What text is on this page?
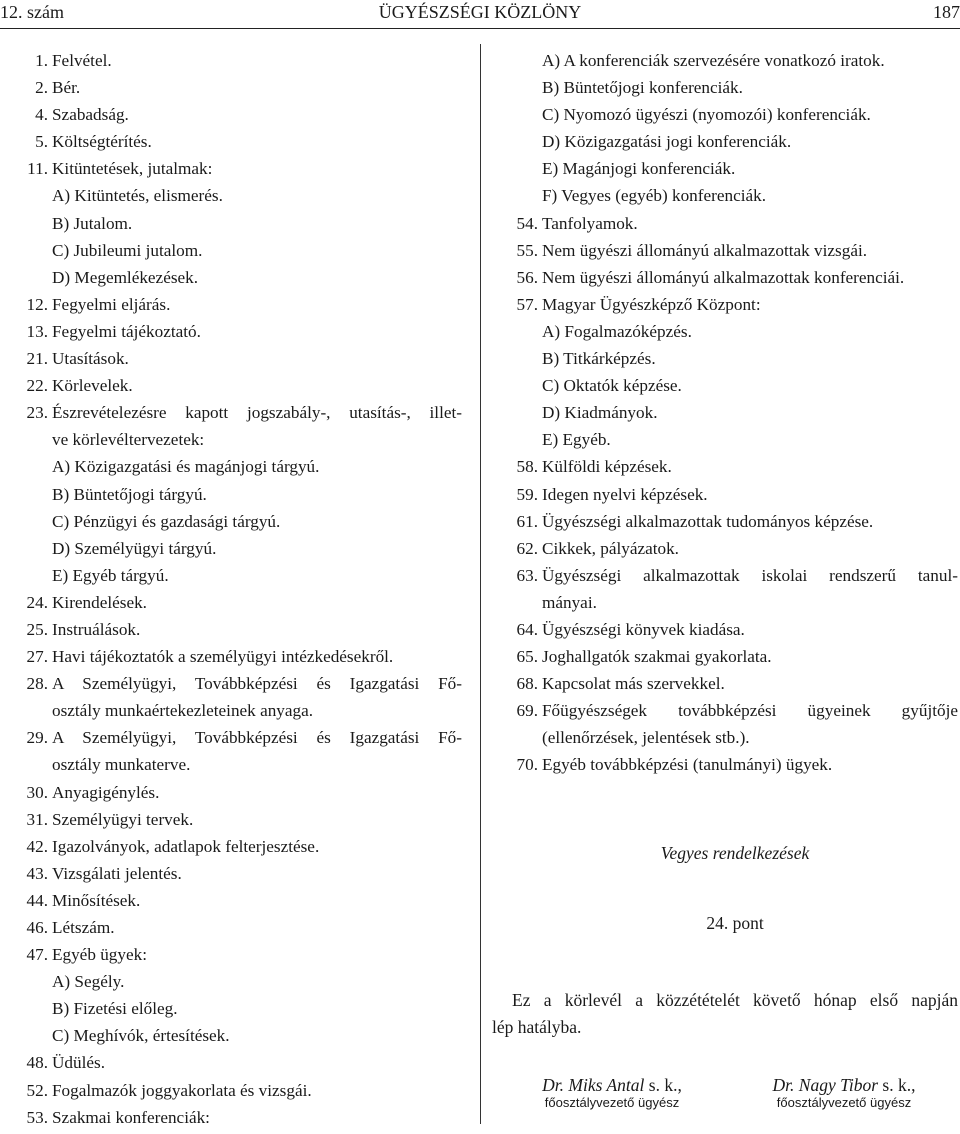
12. szám	ÜGYÉSZSÉGI KÖZLÖNY	187
1. Felvétel.
2. Bér.
4. Szabadság.
5. Költségtérítés.
11. Kitüntetések, jutalmak:
A) Kitüntetés, elismerés.
B) Jutalom.
C) Jubileumi jutalom.
D) Megemlékezések.
12. Fegyelmi eljárás.
13. Fegyelmi tájékoztató.
21. Utasítások.
22. Körlevelek.
23. Észrevételezésre kapott jogszabály-, utasítás-, illet-
ve körlevéltervezetek:
A) Közigazgatási és magánjogi tárgyú.
B) Büntetőjogi tárgyú.
C) Pénzügyi és gazdasági tárgyú.
D) Személyügyi tárgyú.
E) Egyéb tárgyú.
24. Kirendelések.
25. Instruálások.
27. Havi tájékoztatók a személyügyi intézkedésekről.
28. A Személyügyi, Továbbképzési és Igazgatási Fő-
osztály munkaértekezleteinek anyaga.
29. A Személyügyi, Továbbképzési és Igazgatási Fő-
osztály munkaterve.
30. Anyagigénylés.
31. Személyügyi tervek.
42. Igazolványok, adatlapok felterjesztése.
43. Vizsgálati jelentés.
44. Minősítések.
46. Létszám.
47. Egyéb ügyek:
A) Segély.
B) Fizetési előleg.
C) Meghívók, értesítések.
48. Üdülés.
52. Fogalmazók joggyakorlata és vizsgái.
53. Szakmai konferenciák:
A) A konferenciák szervezésére vonatkozó iratok.
B) Büntetőjogi konferenciák.
C) Nyomozó ügyészi (nyomozói) konferenciák.
D) Közigazgatási jogi konferenciák.
E) Magánjogi konferenciák.
F) Vegyes (egyéb) konferenciák.
54. Tanfolyamok.
55. Nem ügyészi állományú alkalmazottak vizsgái.
56. Nem ügyészi állományú alkalmazottak konferenciái.
57. Magyar Ügyészképző Központ:
A) Fogalmazóképzés.
B) Titkárképzés.
C) Oktatók képzése.
D) Kiadmányok.
E) Egyéb.
58. Külföldi képzések.
59. Idegen nyelvi képzések.
61. Ügyészségi alkalmazottak tudományos képzése.
62. Cikkek, pályázatok.
63. Ügyészségi alkalmazottak iskolai rendszerű tanul-
mányai.
64. Ügyészségi könyvek kiadása.
65. Joghallgatók szakmai gyakorlata.
68. Kapcsolat más szervekkel.
69. Főügyészségek továbbképzési ügyeinek gyűjtője
(ellenőrzések, jelentések stb.).
70. Egyéb továbbképzési (tanulmányi) ügyek.
Vegyes rendelkezések
24. pont
Ez a körlevél a közzétételét követő hónap első napján
lép hatályba.
Dr. Miks Antal s. k.,
főosztályvezető ügyész
Dr. Nagy Tibor s. k.,
főosztályvezető ügyész
